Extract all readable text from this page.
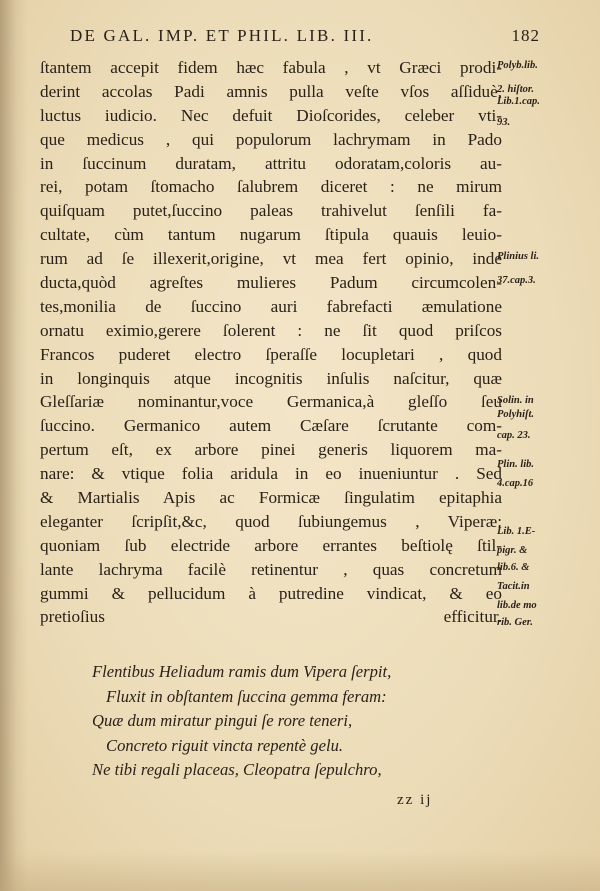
DE GAL. IMP. ET PHIL. LIB. III.	182
ſtantem accepit fidem hæc fabula , vt Græci prodi-
derint accolas Padi amnis pulla veſte vſos aſſiduè,
luctus iudicio. Nec defuit Dioſcorides, celeber vti-
que medicus , qui populorum lachrymam in Pado
in ſuccinum duratam, attritu odoratam,coloris au-
rei, potam ſtomacho ſalubrem diceret : ne mirum
quiſquam putet,ſuccino paleas trahivelut ſenſili fa-
cultate, cùm tantum nugarum ſtipula quauis leuio-
rum ad ſe illexerit,origine, vt mea fert opinio, inde
ducta,quòd agreſtes mulieres Padum circumcolen-
tes,monilia de ſuccino auri fabrefacti æmulatione
ornatu eximio,gerere ſolerent : ne ſit quod priſcos
Francos puderet electro ſperaſſe locupletari , quod
in longinquis atque incognitis inſulis naſcitur, quæ
Gleſſariæ nominantur,voce Germanica,à gleſſo ſeu
ſuccino. Germanico autem Cæſare ſcrutante com-
pertum eſt, ex arbore pinei generis liquorem ma-
nare: & vtique folia aridula in eo inueniuntur . Sed
& Martialis Apis ac Formicæ ſingulatim epitaphia
eleganter ſcripſit,&c, quod ſubiungemus , Viperæ:
quoniam ſub electride arbore errantes beſtiolę ſtil-
lante lachryma facilè retinentur , quas concretum
gummi & pellucidum à putredine vindicat, & eo
pretioſius efficitur.
Polyb.lib.
2. hiſtor.
Lib.1.cap.
93.
Plinius li.
37.cap.3.
Solin. in
Polyhiſt.
cap. 23.
Plin. lib.
4.cap.16
Lib. 1.E-
pigr. &
lib.6. &
Tacit.in
lib.de mo
rib. Ger.
Flentibus Heliadum ramis dum Vipera ſerpit,
Fluxit in obſtantem ſuccina gemma feram:
Quæ dum miratur pingui ſe rore teneri,
Concreto riguit vincta repentè gelu.
Ne tibi regali placeas, Cleopatra ſepulchro,
zz ij
